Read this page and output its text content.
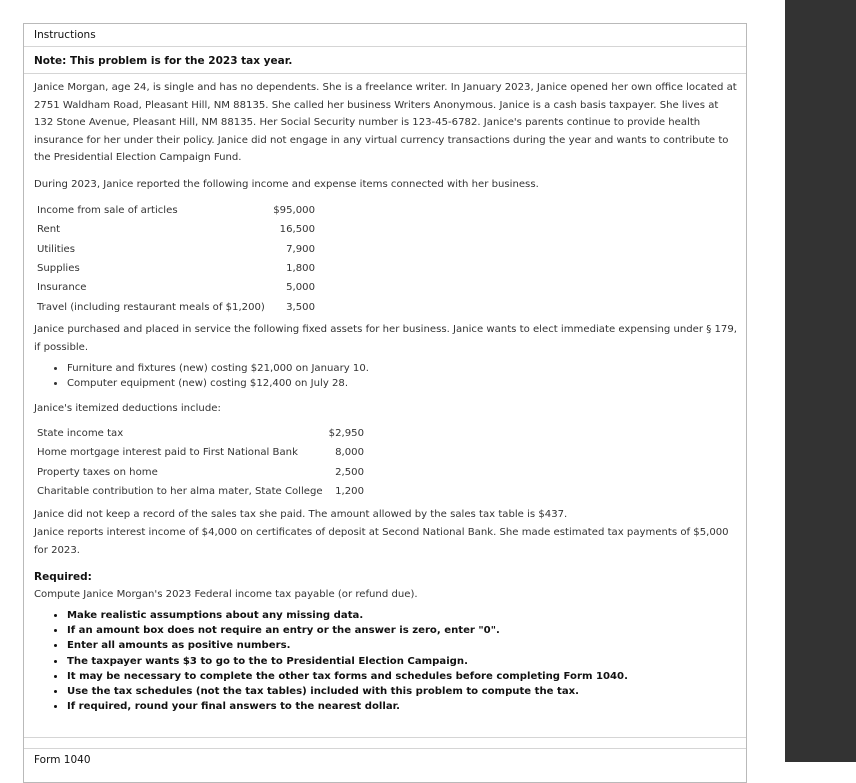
Instructions
Note: This problem is for the 2023 tax year.
Janice Morgan, age 24, is single and has no dependents. She is a freelance writer. In January 2023, Janice opened her own office located at 2751 Waldham Road, Pleasant Hill, NM 88135. She called her business Writers Anonymous. Janice is a cash basis taxpayer. She lives at 132 Stone Avenue, Pleasant Hill, NM 88135. Her Social Security number is 123-45-6782. Janice's parents continue to provide health insurance for her under their policy. Janice did not engage in any virtual currency transactions during the year and wants to contribute to the Presidential Election Campaign Fund.
During 2023, Janice reported the following income and expense items connected with her business.
Income from sale of articles	$95,000
Rent	16,500
Utilities	7,900
Supplies	1,800
Insurance	5,000
Travel (including restaurant meals of $1,200)	3,500
Janice purchased and placed in service the following fixed assets for her business. Janice wants to elect immediate expensing under § 179, if possible.
• Furniture and fixtures (new) costing $21,000 on January 10.
• Computer equipment (new) costing $12,400 on July 28.
Janice's itemized deductions include:
State income tax	$2,950
Home mortgage interest paid to First National Bank	8,000
Property taxes on home	2,500
Charitable contribution to her alma mater, State College	1,200
Janice did not keep a record of the sales tax she paid. The amount allowed by the sales tax table is $437.
Janice reports interest income of $4,000 on certificates of deposit at Second National Bank. She made estimated tax payments of $5,000 for 2023.
Required:
Compute Janice Morgan's 2023 Federal income tax payable (or refund due).
• Make realistic assumptions about any missing data.
• If an amount box does not require an entry or the answer is zero, enter "0".
• Enter all amounts as positive numbers.
• The taxpayer wants $3 to go to the to Presidential Election Campaign.
• It may be necessary to complete the other tax forms and schedules before completing Form 1040.
• Use the tax schedules (not the tax tables) included with this problem to compute the tax.
• If required, round your final answers to the nearest dollar.
Form 1040
